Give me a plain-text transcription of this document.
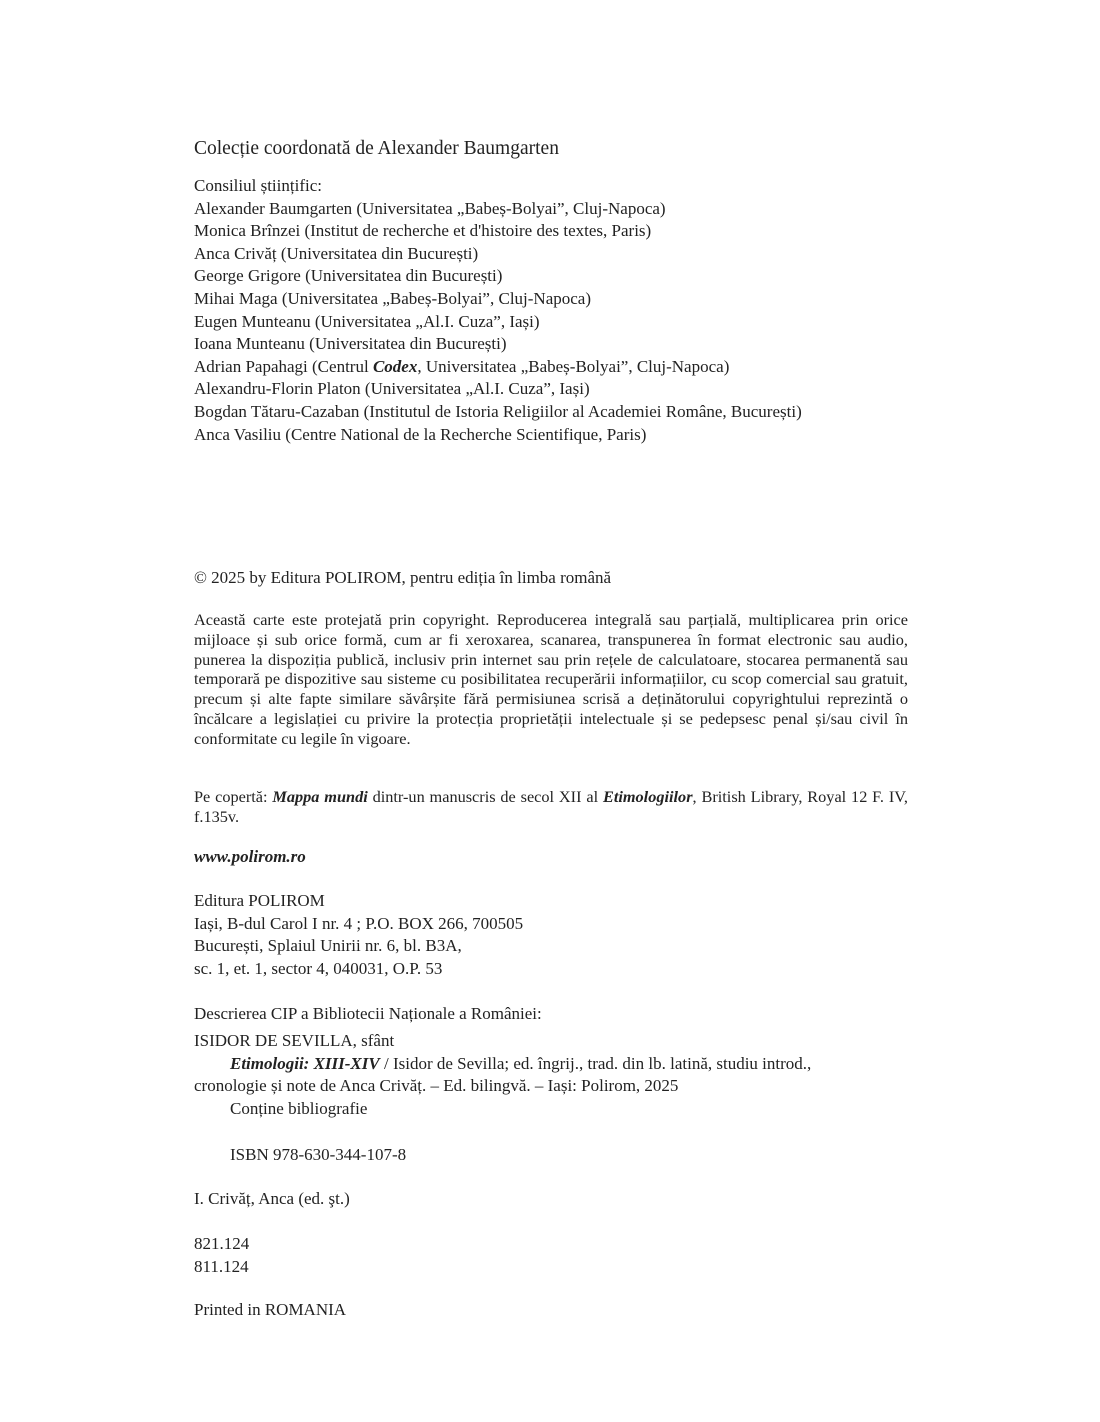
Colecție coordonată de Alexander Baumgarten
Consiliul științific:
Alexander Baumgarten (Universitatea „Babeș-Bolyai”, Cluj-Napoca)
Monica Brînzei (Institut de recherche et d'histoire des textes, Paris)
Anca Crivăț (Universitatea din București)
George Grigore (Universitatea din București)
Mihai Maga (Universitatea „Babeș-Bolyai”, Cluj-Napoca)
Eugen Munteanu (Universitatea „Al.I. Cuza”, Iași)
Ioana Munteanu (Universitatea din București)
Adrian Papahagi (Centrul Codex, Universitatea „Babeș-Bolyai”, Cluj-Napoca)
Alexandru-Florin Platon (Universitatea „Al.I. Cuza”, Iași)
Bogdan Tătaru-Cazaban (Institutul de Istoria Religiilor al Academiei Române, București)
Anca Vasiliu (Centre National de la Recherche Scientifique, Paris)
© 2025 by Editura POLIROM, pentru ediția în limba română
Această carte este protejată prin copyright. Reproducerea integrală sau parțială, multiplicarea prin orice mijloace și sub orice formă, cum ar fi xeroxarea, scanarea, transpunerea în format electronic sau audio, punerea la dispoziția publică, inclusiv prin internet sau prin rețele de calculatoare, stocarea permanentă sau temporară pe dispozitive sau sisteme cu posibilitatea recuperării informațiilor, cu scop comercial sau gratuit, precum și alte fapte similare săvârșite fără permisiunea scrisă a deținătorului copyrightului reprezintă o încălcare a legislației cu privire la protecția proprietății intelectuale și se pedepsesc penal și/sau civil în conformitate cu legile în vigoare.
Pe copertă: Mappa mundi dintr-un manuscris de secol XII al Etimologiilor, British Library, Royal 12 F. IV, f.135v.
www.polirom.ro
Editura POLIROM
Iași, B-dul Carol I nr. 4 ; P.O. BOX 266, 700505
București, Splaiul Unirii nr. 6, bl. B3A,
sc. 1, et. 1, sector 4, 040031, O.P. 53
Descrierea CIP a Bibliotecii Naționale a României:
ISIDOR DE SEVILLA, sfânt
Etimologii: XIII-XIV / Isidor de Sevilla; ed. îngrij., trad. din lb. latină, studiu introd.,
cronologie și note de Anca Crivăț. – Ed. bilingvă. – Iași: Polirom, 2025
Conține bibliografie
ISBN 978-630-344-107-8
I. Crivăț, Anca (ed. şt.)
821.124
811.124
Printed in ROMANIA
